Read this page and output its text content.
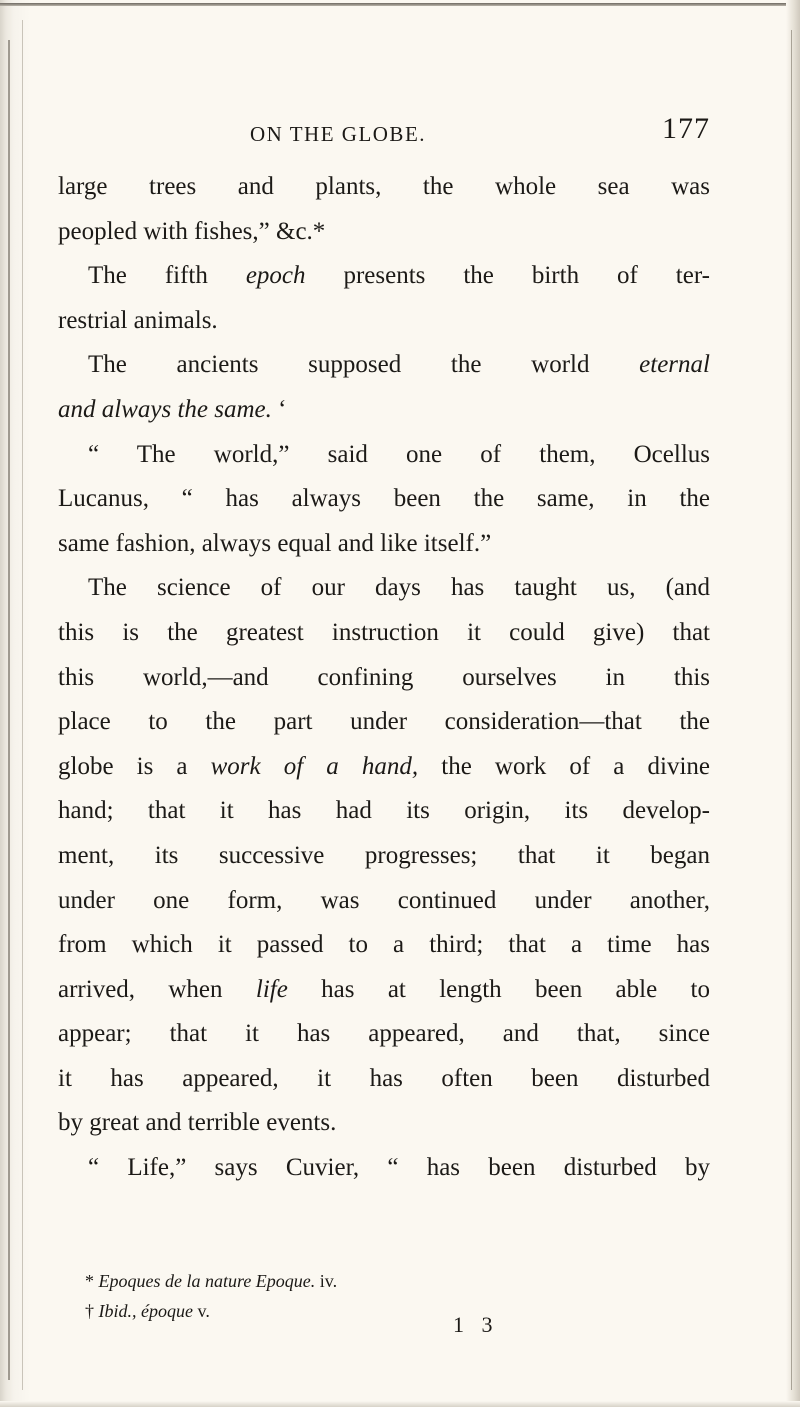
ON THE GLOBE.	177
large trees and plants, the whole sea was
peopled with fishes,” &c.*
The fifth epoch presents the birth of ter-
restrial animals.
The ancients supposed the world eternal
and always the same. ‘
“ The world,” said one of them, Ocellus
Lucanus, “ has always been the same, in the
same fashion, always equal and like itself.”
The science of our days has taught us, (and
this is the greatest instruction it could give) that
this world,—and confining ourselves in this
place to the part under consideration—that the
globe is a work of a hand, the work of a divine
hand; that it has had its origin, its develop-
ment, its successive progresses; that it began
under one form, was continued under another,
from which it passed to a third; that a time has
arrived, when life has at length been able to
appear; that it has appeared, and that, since
it has appeared, it has often been disturbed
by great and terrible events.
“ Life,” says Cuvier, “ has been disturbed by
* Epoques de la nature Epoque. iv.
† Ibid., époque v.
1 3
